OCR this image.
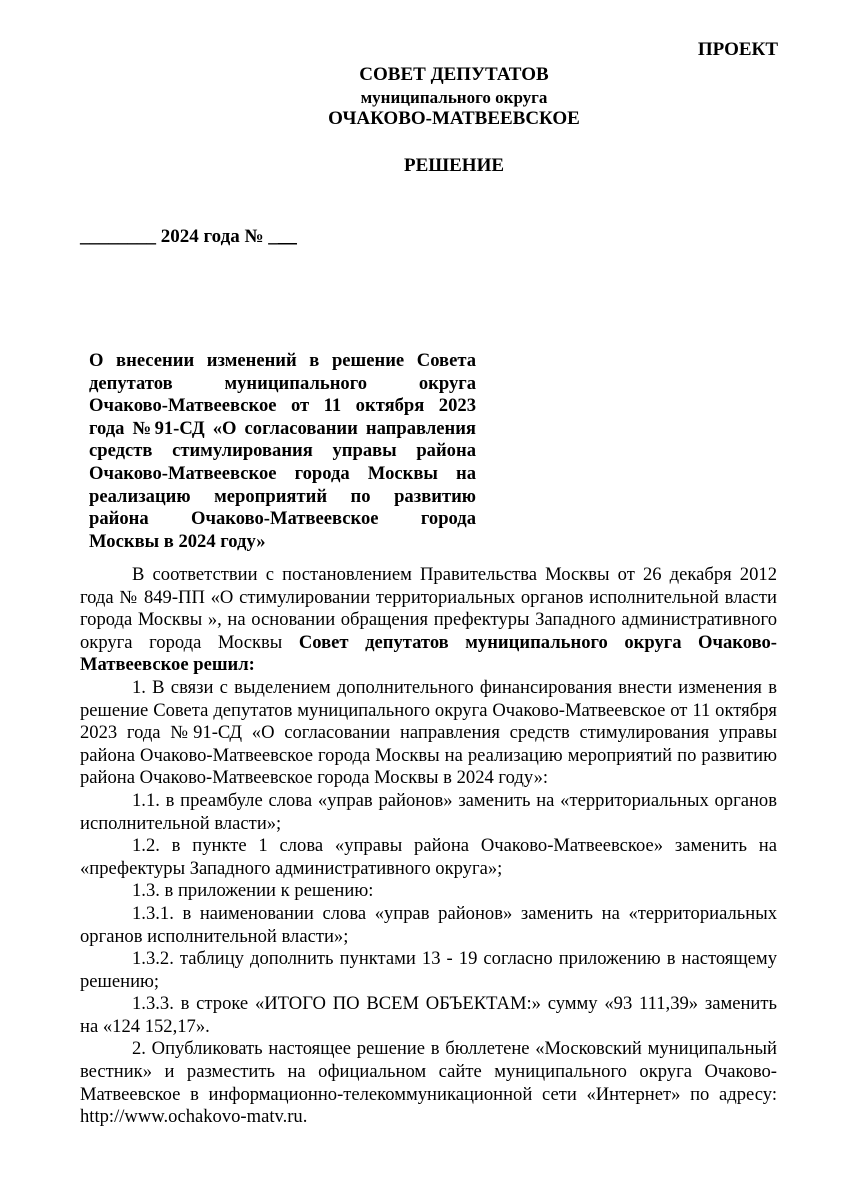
ПРОЕКТ
СОВЕТ ДЕПУТАТОВ
муниципального округа
ОЧАКОВО-МАТВЕЕВСКОЕ
РЕШЕНИЕ
________ 2024 года № ___
О внесении изменений в решение Совета
депутатов муниципального округа
Очаково-Матвеевское от 11 октября 2023
года №91-СД «О согласовании направления
средств стимулирования управы района
Очаково-Матвеевское города Москвы на
реализацию мероприятий по развитию
района Очаково-Матвеевское города
Москвы в 2024 году»

В соответствии с постановлением Правительства Москвы от 26 декабря 2012 года № 849-ПП «О стимулировании территориальных органов исполнительной власти города Москвы », на основании обращения префектуры Западного административного округа города Москвы Совет депутатов муниципального округа Очаково-Матвеевское решил:

1. В связи с выделением дополнительного финансирования внести изменения в решение Совета депутатов муниципального округа Очаково-Матвеевское от 11 октября 2023 года №91-СД «О согласовании направления средств стимулирования управы района Очаково-Матвеевское города Москвы на реализацию мероприятий по развитию района Очаково-Матвеевское города Москвы в 2024 году»:

1.1. в преамбуле слова «управ районов» заменить на «территориальных органов исполнительной власти»;

1.2. в пункте 1 слова «управы района Очаково-Матвеевское» заменить на «префектуры Западного административного округа»;

1.3. в приложении к решению:

1.3.1. в наименовании слова «управ районов» заменить на «территориальных органов исполнительной власти»;

1.3.2. таблицу дополнить пунктами 13 - 19 согласно приложению в настоящему решению;

1.3.3. в строке «ИТОГО ПО ВСЕМ ОБЪЕКТАМ:» сумму «93 111,39» заменить на «124 152,17».

2. Опубликовать настоящее решение в бюллетене «Московский муниципальный вестник» и разместить на официальном сайте муниципального округа Очаково-Матвеевское в информационно-телекоммуникационной сети «Интернет» по адресу: http://www.ochakovo-matv.ru.
